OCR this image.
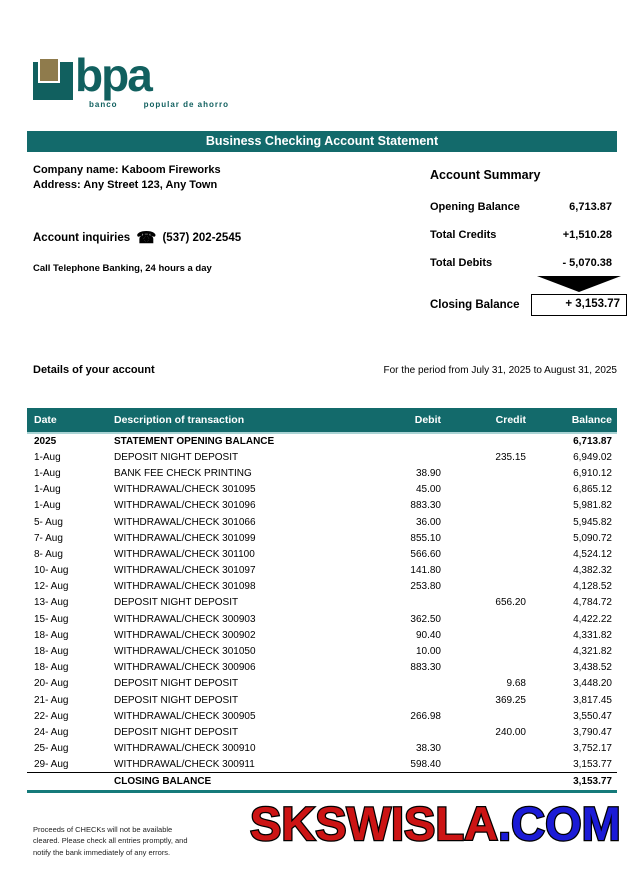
bpa
banco	popular de ahorro
Business Checking Account Statement
Company name: Kaboom Fireworks
Address: Any Street 123, Any Town
Account inquiries ☎ (537) 202-2545
Call Telephone Banking, 24 hours a day
Account Summary
Opening Balance	6,713.87
Total Credits	+1,510.28
Total Debits	- 5,070.38
Closing Balance	+ 3,153.77
Details of your account	For the period from July 31, 2025 to August 31, 2025
Date	Description of transaction	Debit	Credit	Balance
2025	STATEMENT OPENING BALANCE			6,713.87
1-Aug	DEPOSIT NIGHT DEPOSIT		235.15	6,949.02
1-Aug	BANK FEE CHECK PRINTING	38.90		6,910.12
1-Aug	WITHDRAWAL/CHECK 301095	45.00		6,865.12
1-Aug	WITHDRAWAL/CHECK 301096	883.30		5,981.82
5- Aug	WITHDRAWAL/CHECK 301066	36.00		5,945.82
7- Aug	WITHDRAWAL/CHECK 301099	855.10		5,090.72
8- Aug	WITHDRAWAL/CHECK 301100	566.60		4,524.12
10- Aug	WITHDRAWAL/CHECK 301097	141.80		4,382.32
12- Aug	WITHDRAWAL/CHECK 301098	253.80		4,128.52
13- Aug	DEPOSIT NIGHT DEPOSIT		656.20	4,784.72
15- Aug	WITHDRAWAL/CHECK 300903	362.50		4,422.22
18- Aug	WITHDRAWAL/CHECK 300902	90.40		4,331.82
18- Aug	WITHDRAWAL/CHECK 301050	10.00		4,321.82
18- Aug	WITHDRAWAL/CHECK 300906	883.30		3,438.52
20- Aug	DEPOSIT NIGHT DEPOSIT		9.68	3,448.20
21- Aug	DEPOSIT NIGHT DEPOSIT		369.25	3,817.45
22- Aug	WITHDRAWAL/CHECK 300905	266.98		3,550.47
24- Aug	DEPOSIT NIGHT DEPOSIT		240.00	3,790.47
25- Aug	WITHDRAWAL/CHECK 300910	38.30		3,752.17
29- Aug	WITHDRAWAL/CHECK 300911	598.40		3,153.77
	CLOSING BALANCE			3,153.77
Proceeds of CHECKs will not be available
cleared. Please check all entries promptly, and
notify the bank immediately of any errors.
SKSWISLA.COM
